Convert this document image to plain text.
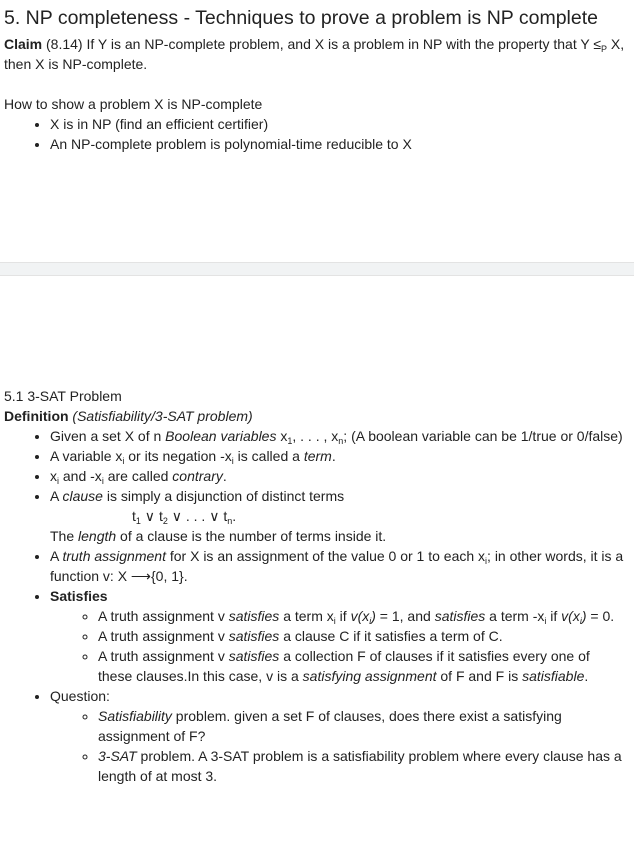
5. NP completeness - Techniques to prove a problem is NP complete

Claim (8.14) If Y is an NP-complete problem, and X is a problem in NP with the property that $Y \le_P$ X, then X is NP-complete.

How to show a problem X is NP-complete

• X is in NP (find an efficient certifier)
• An NP-complete problem is polynomial-time reducible to X

5.1 3-SAT Problem

Definition (Satisfiability/3-SAT problem)

• Given a set X of n Boolean variables $x_1$, . . . , $x_n$; (A boolean variable can be 1/true or 0/false)
• A variable $x_i$ or its negation $-x_i$ is called a term.
• $x_i$ and $-x_i$ are called contrary.
• A clause is simply a disjunction of distinct terms
$t_1$ ∨ $t_2$ ∨ . . . ∨ $t_n$.
The length of a clause is the number of terms inside it.
• A truth assignment for X is an assignment of the value 0 or 1 to each $x_i$; in other words, it is a function v: X ⟶{0, 1}.
• Satisfies
◦ A truth assignment v satisfies a term $x_i$ if $v(x_i) = 1$, and satisfies a term $-x_i$ if $v(x_i) = 0$.
◦ A truth assignment v satisfies a clause C if it satisfies a term of C.
◦ A truth assignment v satisfies a collection F of clauses if it satisfies every one of these clauses.In this case, v is a satisfying assignment of F and F is satisfiable.
• Question:
◦ Satisfiability problem. given a set F of clauses, does there exist a satisfying assignment of F?
◦ 3-SAT problem. A 3-SAT problem is a satisfiability problem where every clause has a length of at most 3.
